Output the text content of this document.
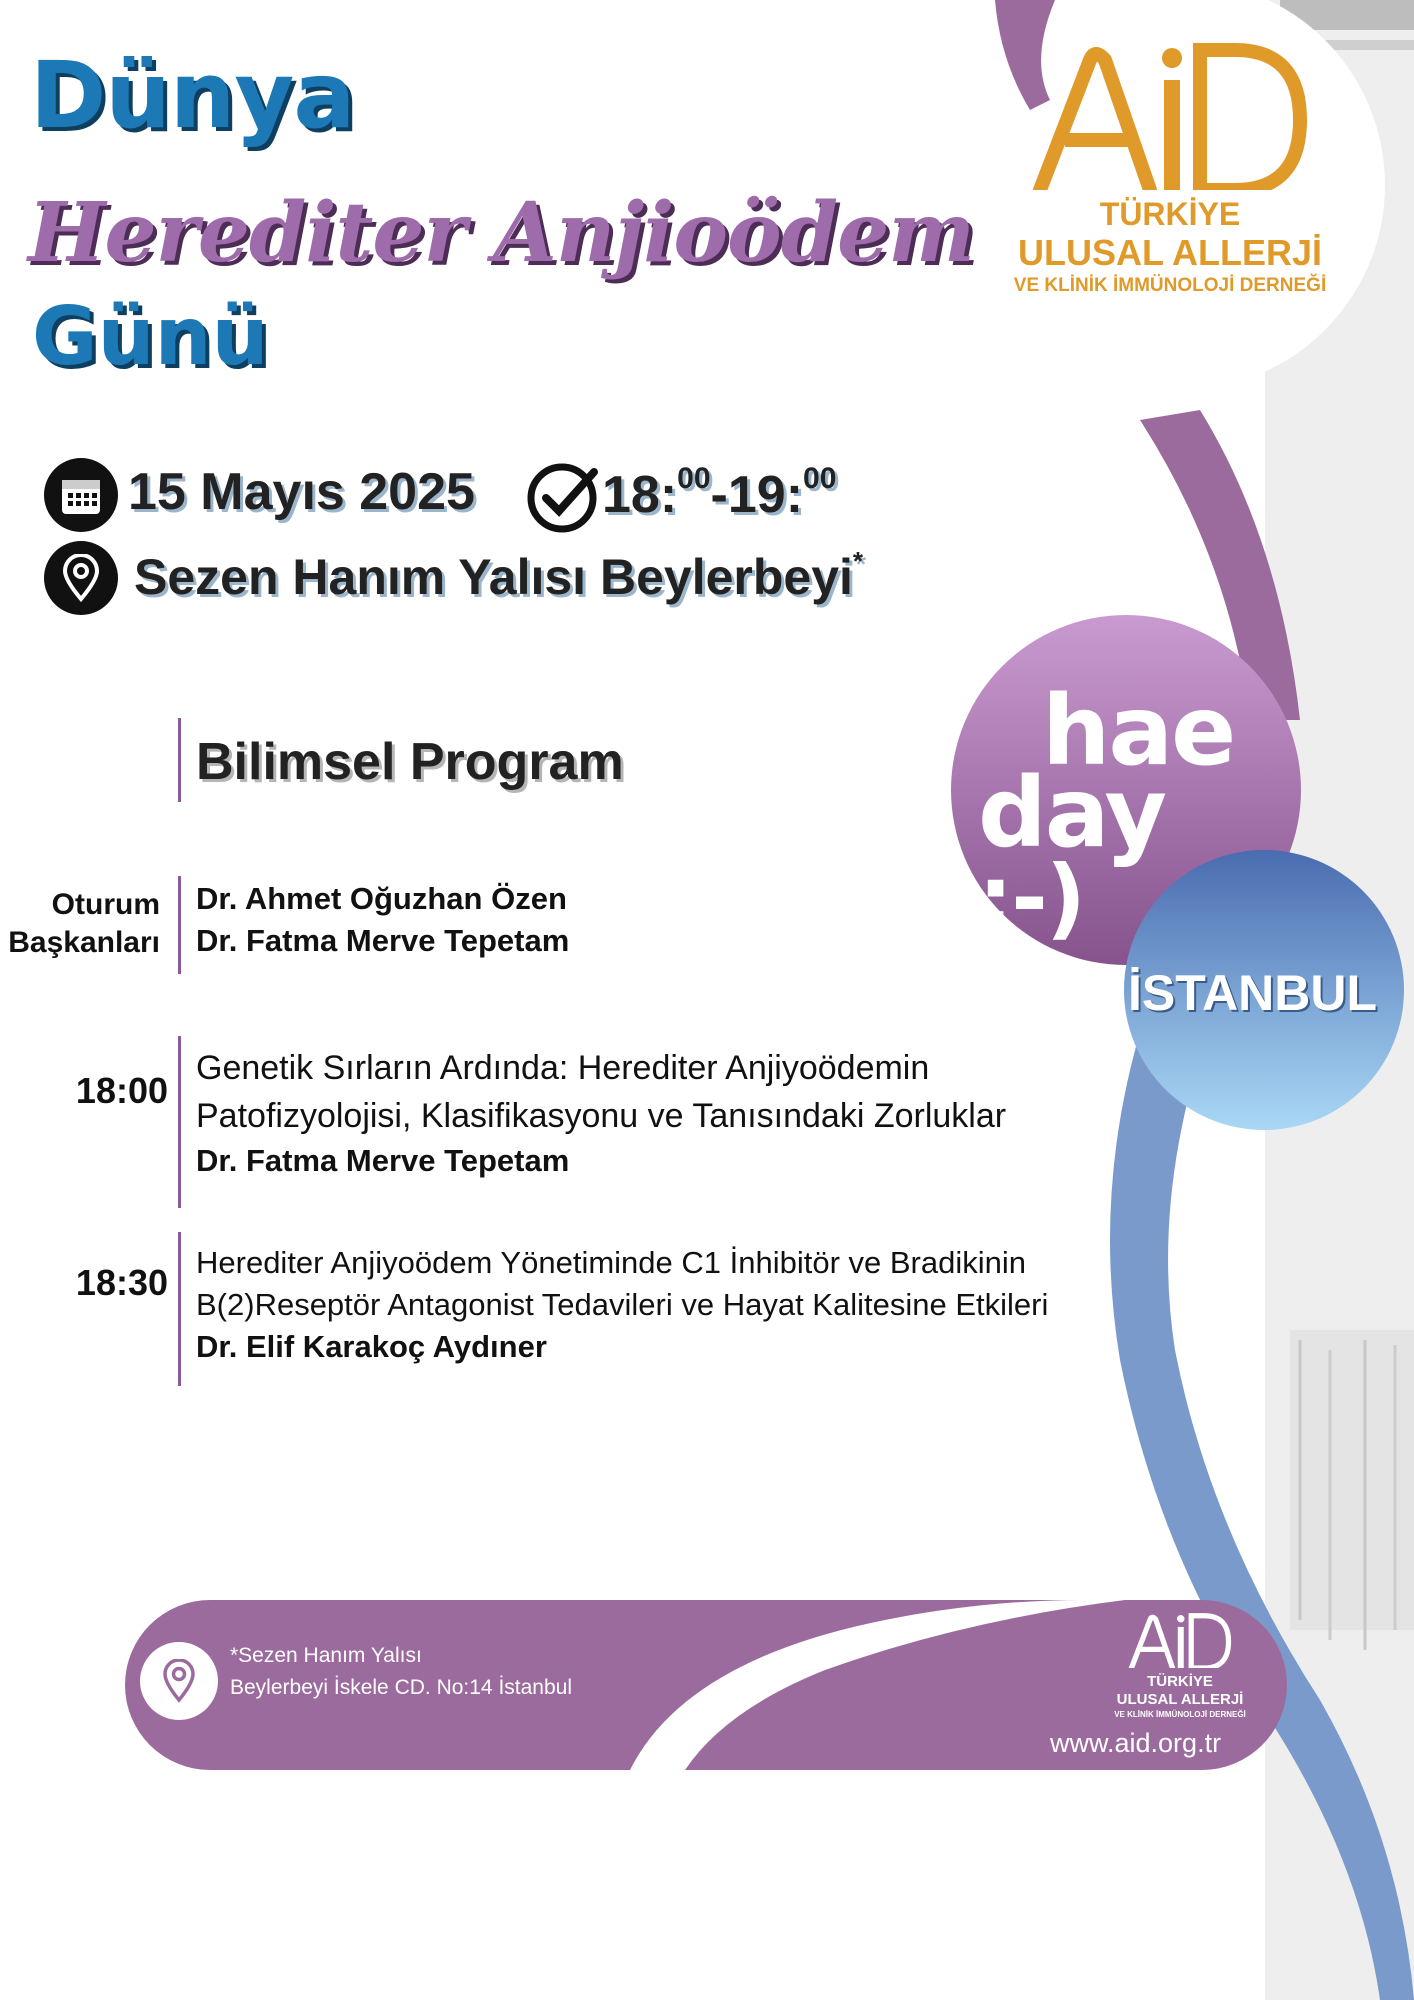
Dünya
Herediter Anjioödem
Günü
TÜRKİYE
ULUSAL ALLERJİ
VE KLİNİK İMMÜNOLOJİ DERNEĞİ
15 Mayıs 2025 18:$^{00}$-19:$^{00}$
Sezen Hanım Yalısı Beylerbeyi*
hae
day :-)
İSTANBUL
Bilimsel Program
Oturum
Başkanları
Dr. Ahmet Oğuzhan Özen
Dr. Fatma Merve Tepetam
18:00
Genetik Sırların Ardında: Herediter Anjiyoödemin
Patofizyolojisi, Klasifikasyonu ve Tanısındaki Zorluklar
Dr. Fatma Merve Tepetam
18:30 Herediter Anjiyoödem Yönetiminde C1 İnhibitör ve Bradikinin
B(2)Reseptör Antagonist Tedavileri ve Hayat Kalitesine Etkileri
Dr. Elif Karakoç Aydıner
*Sezen Hanım Yalısı
Beylerbeyi İskele CD. No:14 İstanbul	TÜRKİYE
ULUSAL ALLERJİ
VE KLİNİK İMMÜNOLOJİ DERNEĞİ
www.aid.org.tr
